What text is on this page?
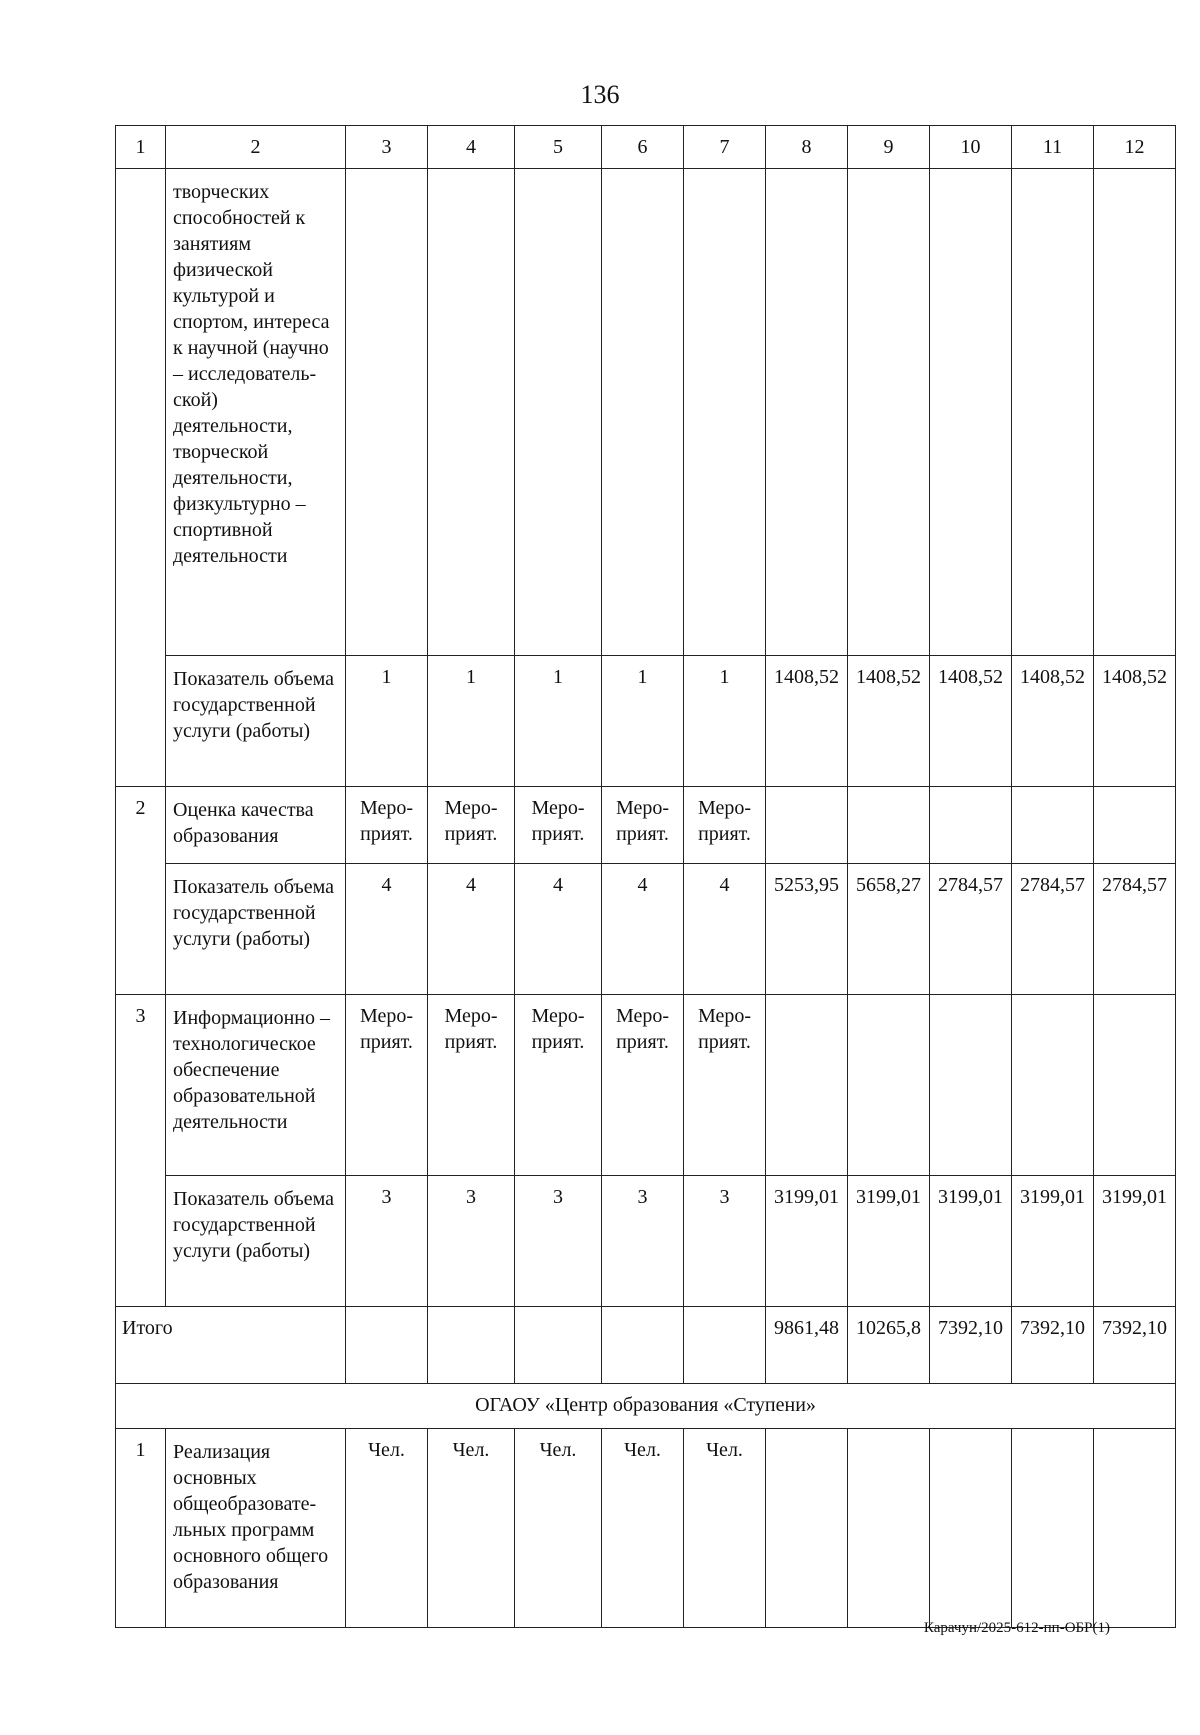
136
1	2	3	4	5	6	7	8	9	10	11	12
	творческих способностей к занятиям физической культурой и спортом, интереса к научной (научно – исследователь-ской) деятельности, творческой деятельности, физкультурно – спортивной деятельности										
	Показатель объема государственной услуги (работы)	1	1	1	1	1	1408,52	1408,52	1408,52	1408,52	1408,52
2	Оценка качества образования	Меро-прият.	Меро-прият.	Меро-прият.	Меро-прият.	Меро-прият.					
	Показатель объема государственной услуги (работы)	4	4	4	4	4	5253,95	5658,27	2784,57	2784,57	2784,57
3	Информационно – технологическое обеспечение образовательной деятельности	Меро-прият.	Меро-прият.	Меро-прият.	Меро-прият.	Меро-прият.					
	Показатель объема государственной услуги (работы)	3	3	3	3	3	3199,01	3199,01	3199,01	3199,01	3199,01
Итого							9861,48	10265,8	7392,10	7392,10	7392,10
ОГАОУ «Центр образования «Ступени»											
1	Реализация основных общеобразовате-льных программ основного общего образования	Чел.	Чел.	Чел.	Чел.	Чел.					
Карачун/2025-612-пп-ОБР(1)
